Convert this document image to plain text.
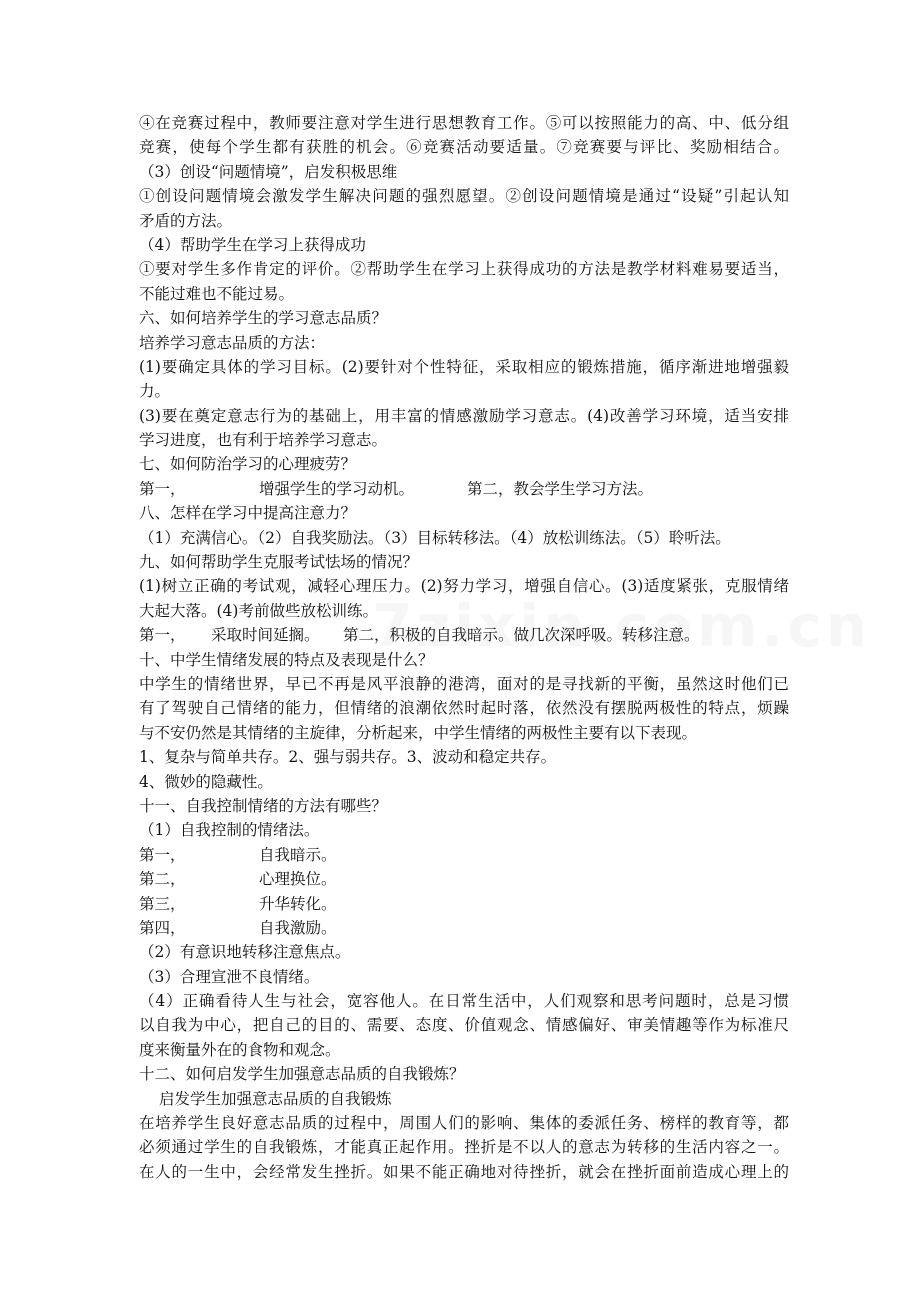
④在竞赛过程中，教师要注意对学生进行思想教育工作。⑤可以按照能力的高、中、低分组
竞赛，使每个学生都有获胜的机会。⑥竞赛活动要适量。⑦竞赛要与评比、奖励相结合。
（3）创设“问题情境”，启发积极思维
①创设问题情境会激发学生解决问题的强烈愿望。②创设问题情境是通过“设疑”引起认知
矛盾的方法。
（4）帮助学生在学习上获得成功
①要对学生多作肯定的评价。②帮助学生在学习上获得成功的方法是教学材料难易要适当，
不能过难也不能过易。
六、如何培养学生的学习意志品质？
培养学习意志品质的方法：
(1)要确定具体的学习目标。(2)要针对个性特征，采取相应的锻炼措施，循序渐进地增强毅
力。
(3)要在奠定意志行为的基础上，用丰富的情感激励学习意志。(4)改善学习环境，适当安排
学习进度，也有利于培养学习意志。
七、如何防治学习的心理疲劳？
第一，	增强学生的学习动机。	第二，教会学生学习方法。
八、怎样在学习中提高注意力？
（1）充满信心。（2）自我奖励法。（3）目标转移法。（4）放松训练法。（5）聆听法。
九、如何帮助学生克服考试怯场的情况？
(1)树立正确的考试观，减轻心理压力。(2)努力学习，增强自信心。(3)适度紧张，克服情绪
大起大落。(4)考前做些放松训练。
第一， 采取时间延搁。 第二，积极的自我暗示。做几次深呼吸。转移注意。
十、中学生情绪发展的特点及表现是什么？
中学生的情绪世界，早已不再是风平浪静的港湾，面对的是寻找新的平衡，虽然这时他们已
有了驾驶自己情绪的能力，但情绪的浪潮依然时起时落，依然没有摆脱两极性的特点，烦躁
与不安仍然是其情绪的主旋律，分析起来，中学生情绪的两极性主要有以下表现。
1、复杂与简单共存。2、强与弱共存。3、波动和稳定共存。
4、微妙的隐藏性。
十一、自我控制情绪的方法有哪些？
（1）自我控制的情绪法。
第一，	自我暗示。
第二，	心理换位。
第三，	升华转化。
第四，	自我激励。
（2）有意识地转移注意焦点。
（3）合理宣泄不良情绪。
（4）正确看待人生与社会，宽容他人。在日常生活中，人们观察和思考问题时，总是习惯
以自我为中心，把自己的目的、需要、态度、价值观念、情感偏好、审美情趣等作为标准尺
度来衡量外在的食物和观念。
十二、如何启发学生加强意志品质的自我锻炼？
启发学生加强意志品质的自我锻炼
在培养学生良好意志品质的过程中，周围人们的影响、集体的委派任务、榜样的教育等，都
必须通过学生的自我锻炼，才能真正起作用。挫折是不以人的意志为转移的生活内容之一。
在人的一生中，会经常发生挫折。如果不能正确地对待挫折，就会在挫折面前造成心理上的
